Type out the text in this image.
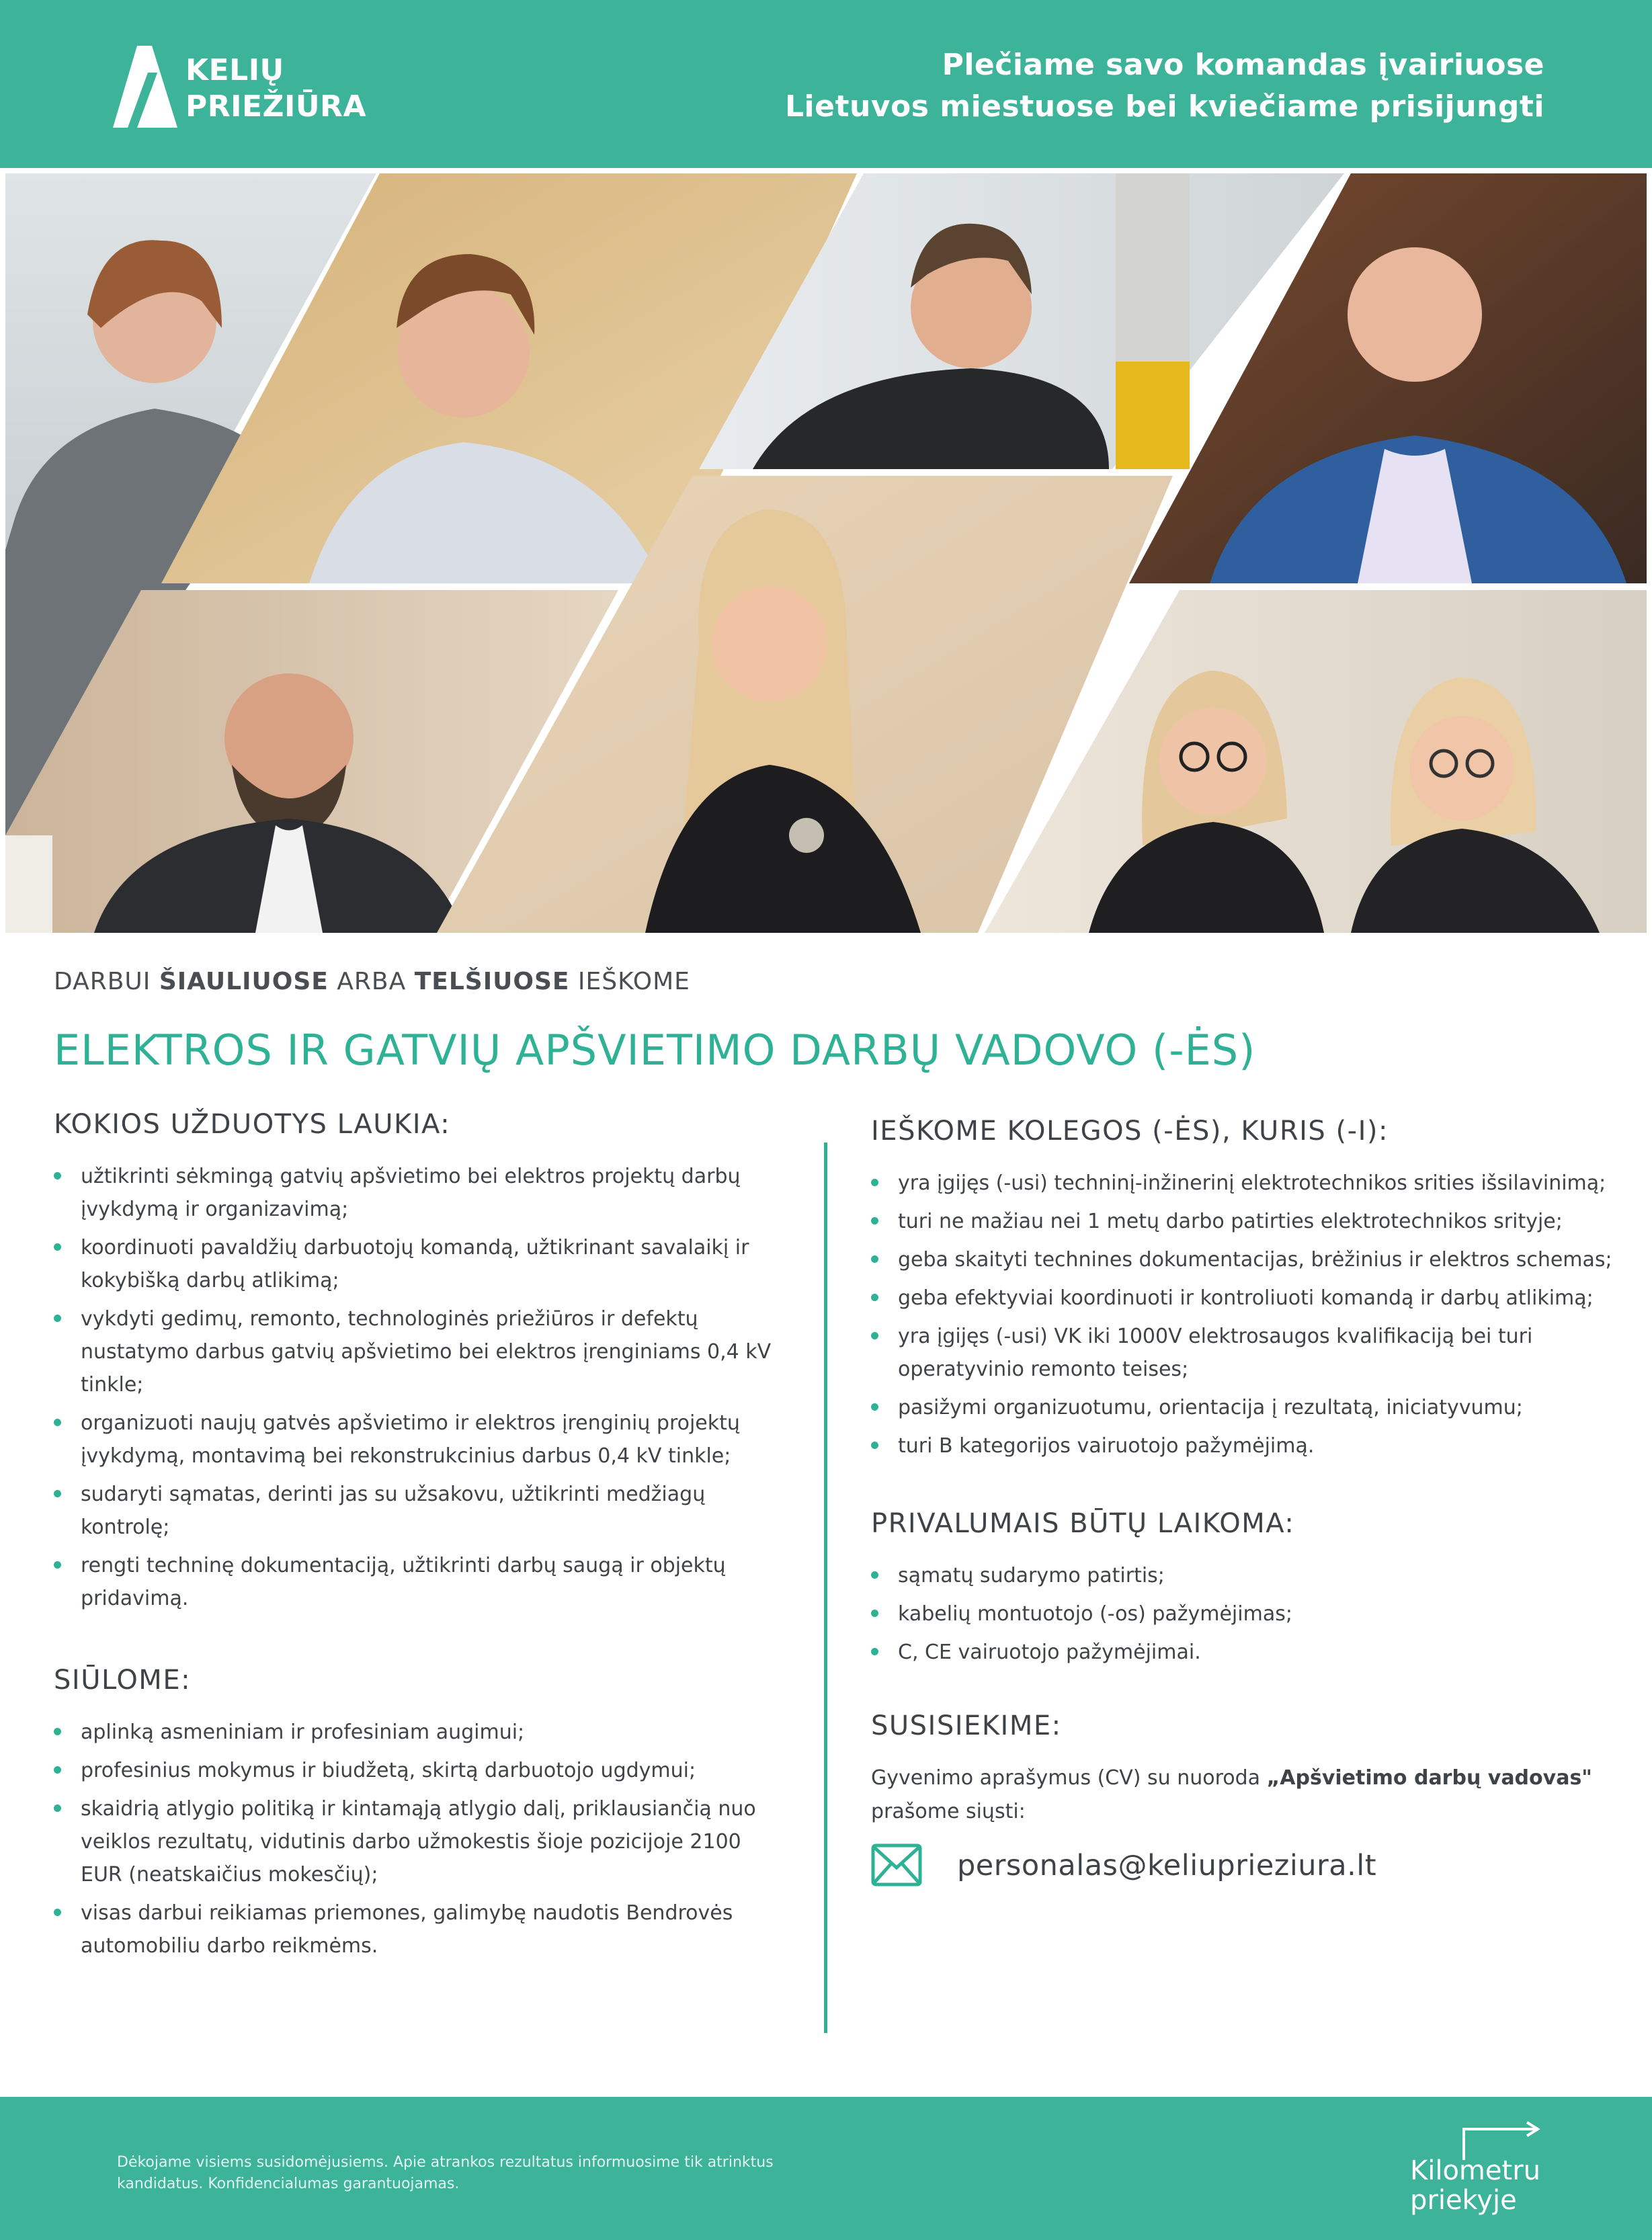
KELIŲ
PRIEŽIŪRA
Plečiame savo komandas įvairiuose
Lietuvos miestuose bei kviečiame prisijungti
DARBUI ŠIAULIUOSE ARBA TELŠIUOSE IEŠKOME
ELEKTROS IR GATVIŲ APŠVIETIMO DARBŲ VADOVO (-ĖS)
KOKIOS UŽDUOTYS LAUKIA:
užtikrinti sėkmingą gatvių apšvietimo bei elektros projektų darbų įvykdymą ir organizavimą;
koordinuoti pavaldžių darbuotojų komandą, užtikrinant savalaikį ir kokybišką darbų atlikimą;
vykdyti gedimų, remonto, technologinės priežiūros ir defektų nustatymo darbus gatvių apšvietimo bei elektros įrenginiams 0,4 kV tinkle;
organizuoti naujų gatvės apšvietimo ir elektros įrenginių projektų įvykdymą, montavimą bei rekonstrukcinius darbus 0,4 kV tinkle;
sudaryti sąmatas, derinti jas su užsakovu, užtikrinti medžiagų kontrolę;
rengti techninę dokumentaciją, užtikrinti darbų saugą ir objektų pridavimą.
SIŪLOME:
aplinką asmeniniam ir profesiniam augimui;
profesinius mokymus ir biudžetą, skirtą darbuotojo ugdymui;
skaidrią atlygio politiką ir kintamąją atlygio dalį, priklausiančią nuo veiklos rezultatų, vidutinis darbo užmokestis šioje pozicijoje 2100 EUR (neatskaičius mokesčių);
visas darbui reikiamas priemones, galimybę naudotis Bendrovės automobiliu darbo reikmėms.
IEŠKOME KOLEGOS (-ĖS), KURIS (-I):
yra įgijęs (-usi) techninį-inžinerinį elektrotechnikos srities išsilavinimą;
turi ne mažiau nei 1 metų darbo patirties elektrotechnikos srityje;
geba skaityti technines dokumentacijas, brėžinius ir elektros schemas;
geba efektyviai koordinuoti ir kontroliuoti komandą ir darbų atlikimą;
yra įgijęs (-usi) VK iki 1000V elektrosaugos kvalifikaciją bei turi operatyvinio remonto teises;
pasižymi organizuotumu, orientacija į rezultatą, iniciatyvumu;
turi B kategorijos vairuotojo pažymėjimą.
PRIVALUMAIS BŪTŲ LAIKOMA:
sąmatų sudarymo patirtis;
kabelių montuotojo (-os) pažymėjimas;
C, CE vairuotojo pažymėjimai.
SUSISIEKIME:
Gyvenimo aprašymus (CV) su nuoroda „Apšvietimo darbų vadovas" prašome siųsti:
personalas@keliuprieziura.lt
Dėkojame visiems susidomėjusiems. Apie atrankos rezultatus informuosime tik atrinktus kandidatus. Konfidencialumas garantuojamas.	Kilometru
priekyje
